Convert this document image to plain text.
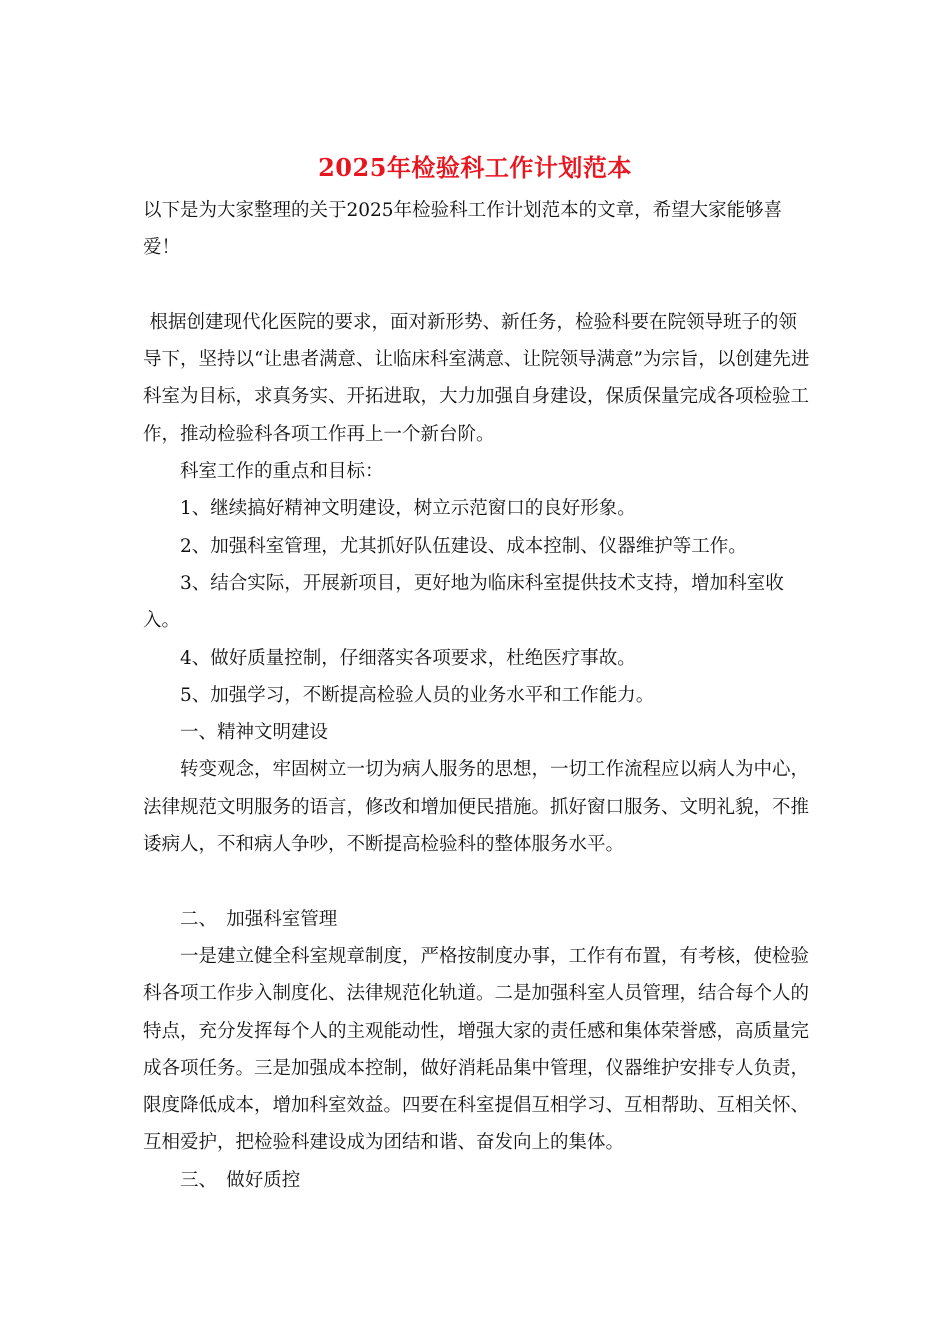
2025年检验科工作计划范本

以下是为大家整理的关于2025年检验科工作计划范本的文章，希望大家能够喜爱！

根据创建现代化医院的要求，面对新形势、新任务，检验科要在院领导班子的领导下，坚持以“让患者满意、让临床科室满意、让院领导满意”为宗旨，以创建先进科室为目标，求真务实、开拓进取，大力加强自身建设，保质保量完成各项检验工作，推动检验科各项工作再上一个新台阶。

科室工作的重点和目标：

1、继续搞好精神文明建设，树立示范窗口的良好形象。

2、加强科室管理，尤其抓好队伍建设、成本控制、仪器维护等工作。

3、结合实际，开展新项目，更好地为临床科室提供技术支持，增加科室收入。

4、做好质量控制，仔细落实各项要求，杜绝医疗事故。

5、加强学习，不断提高检验人员的业务水平和工作能力。

一、精神文明建设

转变观念，牢固树立一切为病人服务的思想，一切工作流程应以病人为中心，法律规范文明服务的语言，修改和增加便民措施。抓好窗口服务、文明礼貌，不推诿病人，不和病人争吵，不断提高检验科的整体服务水平。

二、　加强科室管理

一是建立健全科室规章制度，严格按制度办事，工作有布置，有考核，使检验科各项工作步入制度化、法律规范化轨道。二是加强科室人员管理，结合每个人的特点，充分发挥每个人的主观能动性，增强大家的责任感和集体荣誉感，高质量完成各项任务。三是加强成本控制，做好消耗品集中管理，仪器维护安排专人负责，限度降低成本，增加科室效益。四要在科室提倡互相学习、互相帮助、互相关怀、互相爱护，把检验科建设成为团结和谐、奋发向上的集体。

三、　做好质控
